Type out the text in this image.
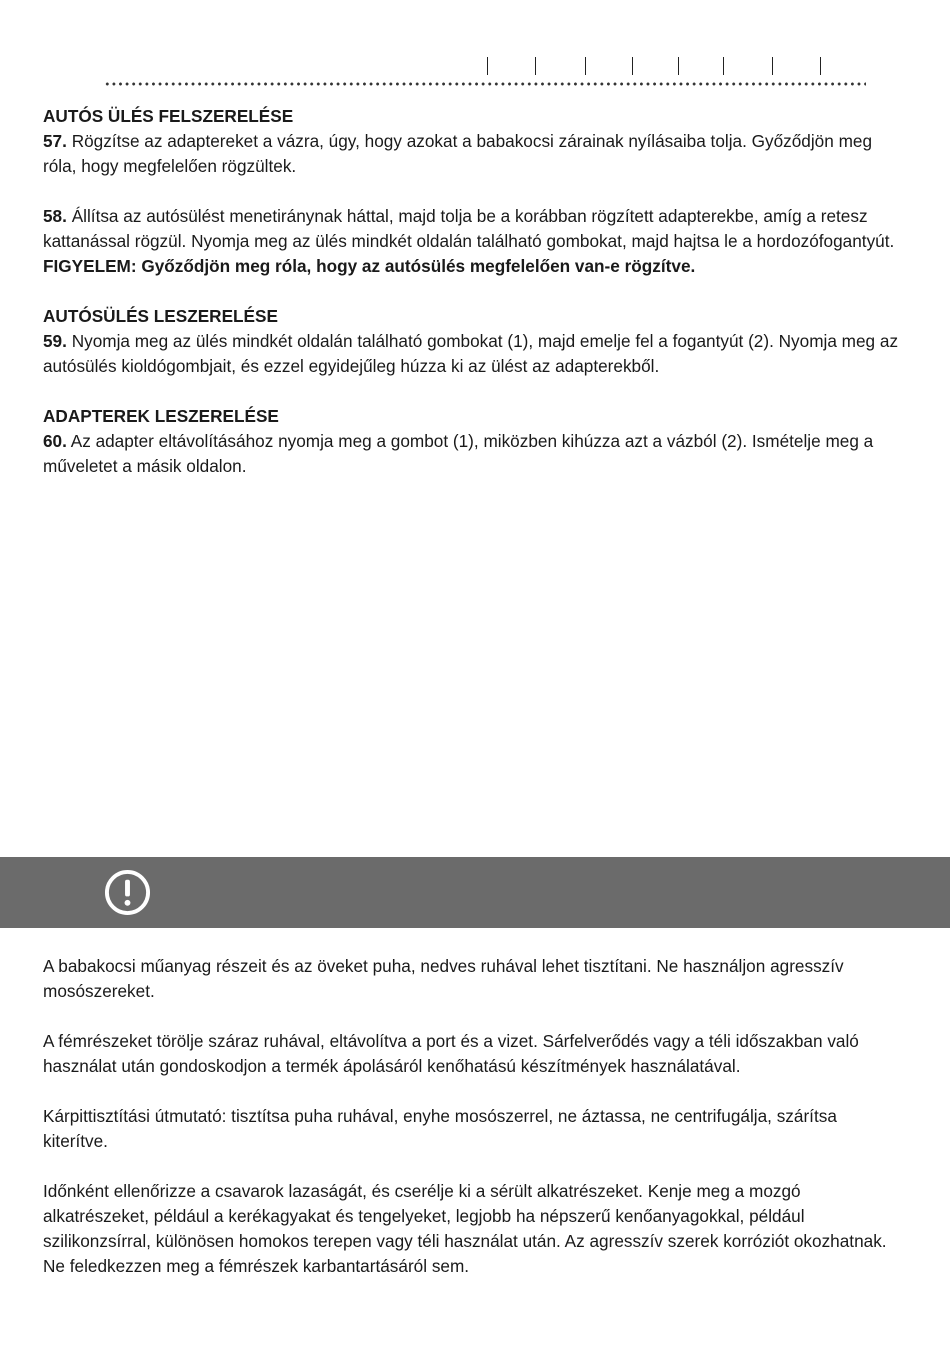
AUTÓS ÜLÉS FELSZERELÉSE

57. Rögzítse az adaptereket a vázra, úgy, hogy azokat a babakocsi zárainak nyílásaiba tolja. Győződjön meg róla, hogy megfelelően rögzültek.

58. Állítsa az autósülést menetiránynak háttal, majd tolja be a korábban rögzített adapterekbe, amíg a retesz kattanással rögzül. Nyomja meg az ülés mindkét oldalán található gombokat, majd hajtsa le a hordozófogantyút.

FIGYELEM: Győződjön meg róla, hogy az autósülés megfelelően van-e rögzítve.

AUTÓSÜLÉS LESZERELÉSE

59. Nyomja meg az ülés mindkét oldalán található gombokat (1), majd emelje fel a fogantyút (2). Nyomja meg az autósülés kioldógombjait, és ezzel egyidejűleg húzza ki az ülést az adapterekből.

ADAPTEREK LESZERELÉSE

60. Az adapter eltávolításához nyomja meg a gombot (1), miközben kihúzza azt a vázból (2). Ismételje meg a műveletet a másik oldalon.

A babakocsi műanyag részeit és az öveket puha, nedves ruhával lehet tisztítani. Ne használjon agresszív mosószereket.

A fémrészeket törölje száraz ruhával, eltávolítva a port és a vizet. Sárfelverődés vagy a téli időszakban való használat után gondoskodjon a termék ápolásáról kenőhatású készítmények használatával.

Kárpittisztítási útmutató: tisztítsa puha ruhával, enyhe mosószerrel, ne áztassa, ne centrifugálja, szárítsa kiterítve.

Időnként ellenőrizze a csavarok lazaságát, és cserélje ki a sérült alkatrészeket. Kenje meg a mozgó alkatrészeket, például a kerékagyakat és tengelyeket, legjobb ha népszerű kenőanyagokkal, például szilikonzsírral, különösen homokos terepen vagy téli használat után. Az agresszív szerek korróziót okozhatnak. Ne feledkezzen meg a fémrészek karbantartásáról sem.
